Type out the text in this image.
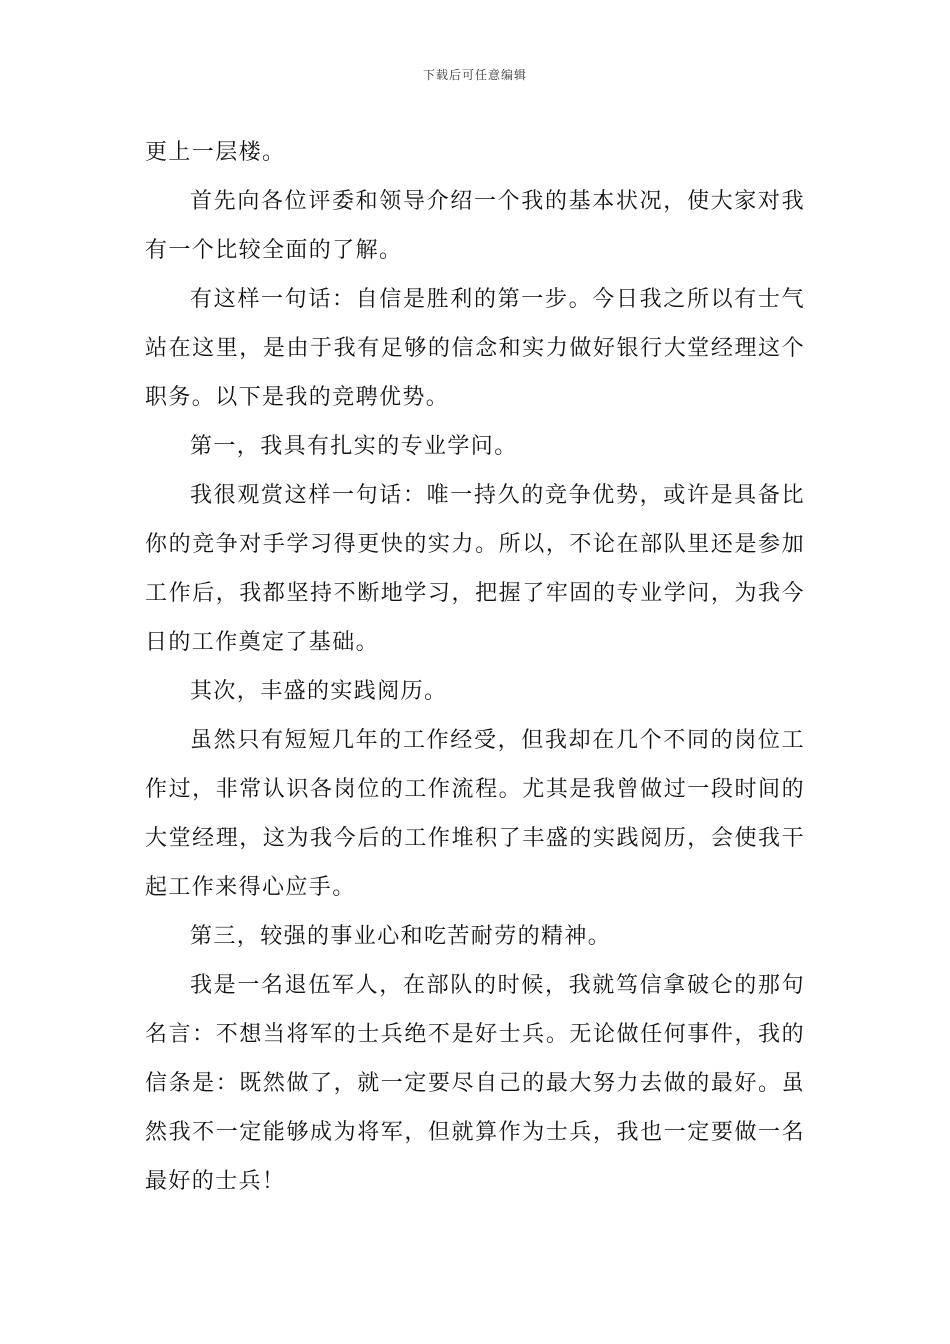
下载后可任意编辑

更上一层楼。

首先向各位评委和领导介绍一个我的基本状况，使大家对我有一个比较全面的了解。

有这样一句话：自信是胜利的第一步。今日我之所以有士气站在这里，是由于我有足够的信念和实力做好银行大堂经理这个职务。以下是我的竞聘优势。

第一，我具有扎实的专业学问。

我很观赏这样一句话：唯一持久的竞争优势，或许是具备比你的竞争对手学习得更快的实力。所以，不论在部队里还是参加工作后，我都坚持不断地学习，把握了牢固的专业学问，为我今日的工作奠定了基础。

其次，丰盛的实践阅历。

虽然只有短短几年的工作经受，但我却在几个不同的岗位工作过，非常认识各岗位的工作流程。尤其是我曾做过一段时间的大堂经理，这为我今后的工作堆积了丰盛的实践阅历，会使我干起工作来得心应手。

第三，较强的事业心和吃苦耐劳的精神。

我是一名退伍军人，在部队的时候，我就笃信拿破仑的那句名言：不想当将军的士兵绝不是好士兵。无论做任何事件，我的信条是：既然做了，就一定要尽自己的最大努力去做的最好。虽然我不一定能够成为将军，但就算作为士兵，我也一定要做一名最好的士兵！
